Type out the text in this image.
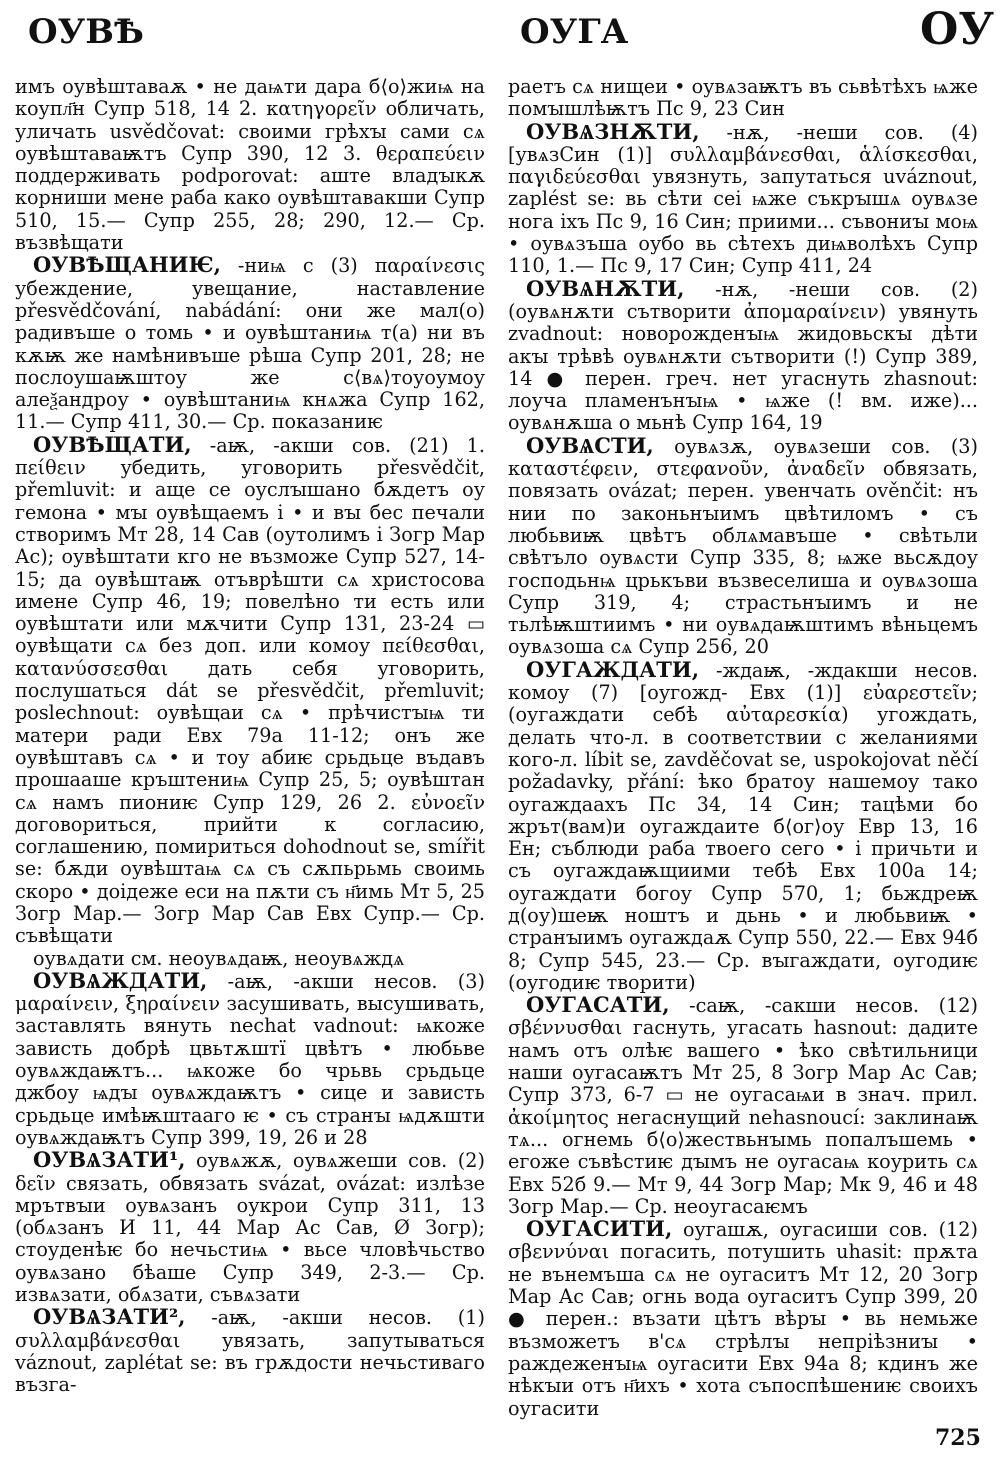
ОУВѢ	ОУГА	ОУ

имъ оувѣштаваѫ • не даѩти дара б⟨о⟩жиѩ на коупл҃н Супр 518, 14 2. κατηγορεῖν обличать, уличать usvědčovat: своими грѣхꙑ сами сѧ оувѣштаваѭтъ Супр 390, 12 3. θεραπεύειν поддерживать podporovat: аште владꙑкѫ корниши мене раба како оувѣштавакши Супр 510, 15.— Супр 255, 28; 290, 12.— Ср. възвѣщати

ОУВѢЩАНИѤ, -ниѩ с (3) παραίνεσις убеждение, увещание, наставление přesvědčování, nabádání: они же мал(о) радивъше о томь • и оувѣштаниѩ т(а) ни въ кѫѭ же намѣнивъше рѣша Супр 201, 28; не послоушаѭштоу же с⟨вѧ⟩тоуоумоу алеѯандроу • оувѣштаниѩ кнѧжа Супр 162, 11.— Супр 411, 30.— Ср. показаниѥ

ОУВѢЩАТИ, -аѭ, -акши сов. (21) 1. πείθειν убедить, уговорить přesvědčit, přemluvit: и аще се оуслꙑшано бѫдетъ оу гемона • мꙑ оувѣщаемъ і • и вꙑ бес печали створимъ Мт 28, 14 Сав (оутолимъ і Зогр Мар Ас); оувѣштати кго не възможе Супр 527, 14-15; да оувѣштаѭ отъврѣшти сѧ христосова имене Супр 46, 19; повелѣно ти есть или оувѣштати или мѫчити Супр 131, 23-24 ▭ оувѣщати сѧ без доп. или комоу πείθεσθαι, κατανύσσεσθαι дать себя уговорить, послушаться dát se přesvědčit, přemluvit; poslechnout: оувѣщаи сѧ • прѣчистꙑѩ ти матери ради Евх 79а 11-12; онъ же оувѣштавъ сѧ • и тоу абиѥ срьдьце въдавъ прошааше кръштениѩ Супр 25, 5; оувѣштан сѧ намъ пиониѥ Супр 129, 26 2. εὐνοεῖν договориться, прийти к согласию, соглашению, помириться dohodnout se, smířit se: бѫди оувѣштаѩ сѧ съ сѫпьрьмь своимь скоро • доідеже еси на пѫти съ н҃имь Мт 5, 25 Зогр Мар.— Зогр Мар Сав Евх Супр.— Ср. съвѣщати

оувѧдати см. неоувѧдаѭ, неоувѧждѧ

ОУВѦЖДАТИ, -аѭ, -акши несов. (3) μαραίνειν, ξηραίνειν засушивать, высушивать, заставлять вянуть nechat vadnout: ѩкоже зависть добрѣ цвьтѫштї цвѣтъ • любьве оувѧждаѭтъ... ѩкоже бо чрьвь срьдьце джбоу ѩдꙑ оувѧждаѭтъ • сице и зависть срьдьце имѣѭштааго ѥ • съ странꙑ ѩдѫшти оувѧждаѭтъ Супр 399, 19, 26 и 28

ОУВѦЗАТИ¹, оувѧжѫ, оувѧжеши сов. (2) δεῖν связать, обвязать svázat, ovázat: излѣзе мрътвꙑи оувѧзанъ оукрои Супр 311, 13 (обѧзанъ И 11, 44 Мар Ас Сав, Ø Зогр); стоуденѣѥ бо нечьстиѩ • вьсе чловѣчьство оувѧзано бѣаше Супр 349, 2-3.— Ср. извѧзати, обѧзати, съвѧзати

ОУВѦЗАТИ², -аѭ, -акши несов. (1) συλλαμβάνεσθαι увязать, запутываться váznout, zaplétat se: въ грѫдости нечьстиваго възга-

раетъ сѧ нищеи • оувѧзаѭтъ въ сьвѣтѣхъ ѩже помꙑшлѣѭтъ Пс 9, 23 Син

ОУВѦЗНѪТИ, -нѫ, -неши сов. (4) [увѧзСин (1)] συλλαμβάνεσθαι, ἁλίσκεσθαι, παγιδεύεσθαι увязнуть, запутаться uváznout, zaplést se: вь сѣти сеі ѩже съкрꙑшѧ оувѧзе нога іхъ Пс 9, 16 Син; приими... съвониꙑ моѩ • оувѧзъша оубо вь сѣтехъ диѩволѣхъ Супр 110, 1.— Пс 9, 17 Син; Супр 411, 24

ОУВѦНѪТИ, -нѫ, -неши сов. (2) (оувѧнѫти сътворити ἀπομαραίνειν) увянуть zvadnout: новорожденꙑѩ жидовьскꙑ дѣти акꙑ трѣвѣ оувѧнѫти сътворити (!) Супр 389, 14 ● перен. греч. нет угаснуть zhasnout: лоуча пламенънꙑѩ • ѩже (! вм. иже)... оувѧнѫша о мьнѣ Супр 164, 19

ОУВѦСТИ, оувѧзѫ, оувѧзеши сов. (3) καταστέφειν, στεφανοῦν, ἀναδεῖν обвязать, повязать ovázat; перен. увенчать ověnčit: нъ нии по законьнꙑимъ цвѣтиломъ • съ любьвиѭ цвѣтъ облѧмавъше • свѣтьли свѣтъло оувѧсти Супр 335, 8; ѩже вьсѫдоу господьнѩ црькъви възвеселиша и оувѧзоша Супр 319, 4; страстьнꙑимъ и не тьлѣѭштиимъ • ни оувѧдаѭштимъ вѣньцемъ оувѧзоша сѧ Супр 256, 20

ОУГАЖДАТИ, -ждаѭ, -ждакши несов. комоу (7) [оугожд- Евх (1)] εὐαρεστεῖν; (оугаждати себѣ αὐταρεσκία) угождать, делать что-л. в соответствии с желаниями кого-л. líbit se, zavděčovat se, uspokojovat něčí požadavky, přání: ѣко братоу нашемоу тако оугаждаахъ Пс 34, 14 Син; тацѣми бо жрът(вам)и оугаждаите б⟨ог⟩оу Евр 13, 16 Ен; съблюди раба твоего сего • і причьти и съ оугаждаѭщиими тебѣ Евх 100а 14; оугаждати богоу Супр 570, 1; бьждреѭ д(оу)шеѭ ноштъ и дьнь • и любьвиѭ • странꙑимъ оугаждаѫ Супр 550, 22.— Евх 94б 8; Супр 545, 23.— Ср. вꙑгаждати, оугодиѥ (оугодиѥ творити)

ОУГАСАТИ, -саѭ, -сакши несов. (12) σβέννυσθαι гаснуть, угасать hasnout: дадите намъ отъ олѣѥ вашего • ѣко свѣтильници наши оугасаѭтъ Мт 25, 8 Зогр Мар Ас Сав; Супр 373, 6-7 ▭ не оугасаѩи в знач. прил. ἀκοίμητος негаснущий nehasnoucí: заклинаѭ тѧ... огнемь б⟨о⟩жествьнꙑмь попалъшемь • егоже съвѣстиѥ дꙑмъ не оугасаѩ коурить сѧ Евх 52б 9.— Мт 9, 44 Зогр Мар; Мк 9, 46 и 48 Зогр Мар.— Ср. неоугасаѥмъ

ОУГАСИТИ, оугашѫ, оугасиши сов. (12) σβεννύναι погасить, потушить uhasit: прѫта не вънемъша сѧ не оугаситъ Мт 12, 20 Зогр Мар Ас Сав; огнь вода оугаситъ Супр 399, 20 ● перен.: възати цѣтъ вѣрꙑ • вь немьже възможетъ в'сѧ стрѣлꙑ непріѣзниꙑ • раждеженꙑѩ оугасити Евх 94а 8; кдинъ же нѣкꙑи отъ н҃ихъ • хота съпоспѣшениѥ своихъ оугасити

725
